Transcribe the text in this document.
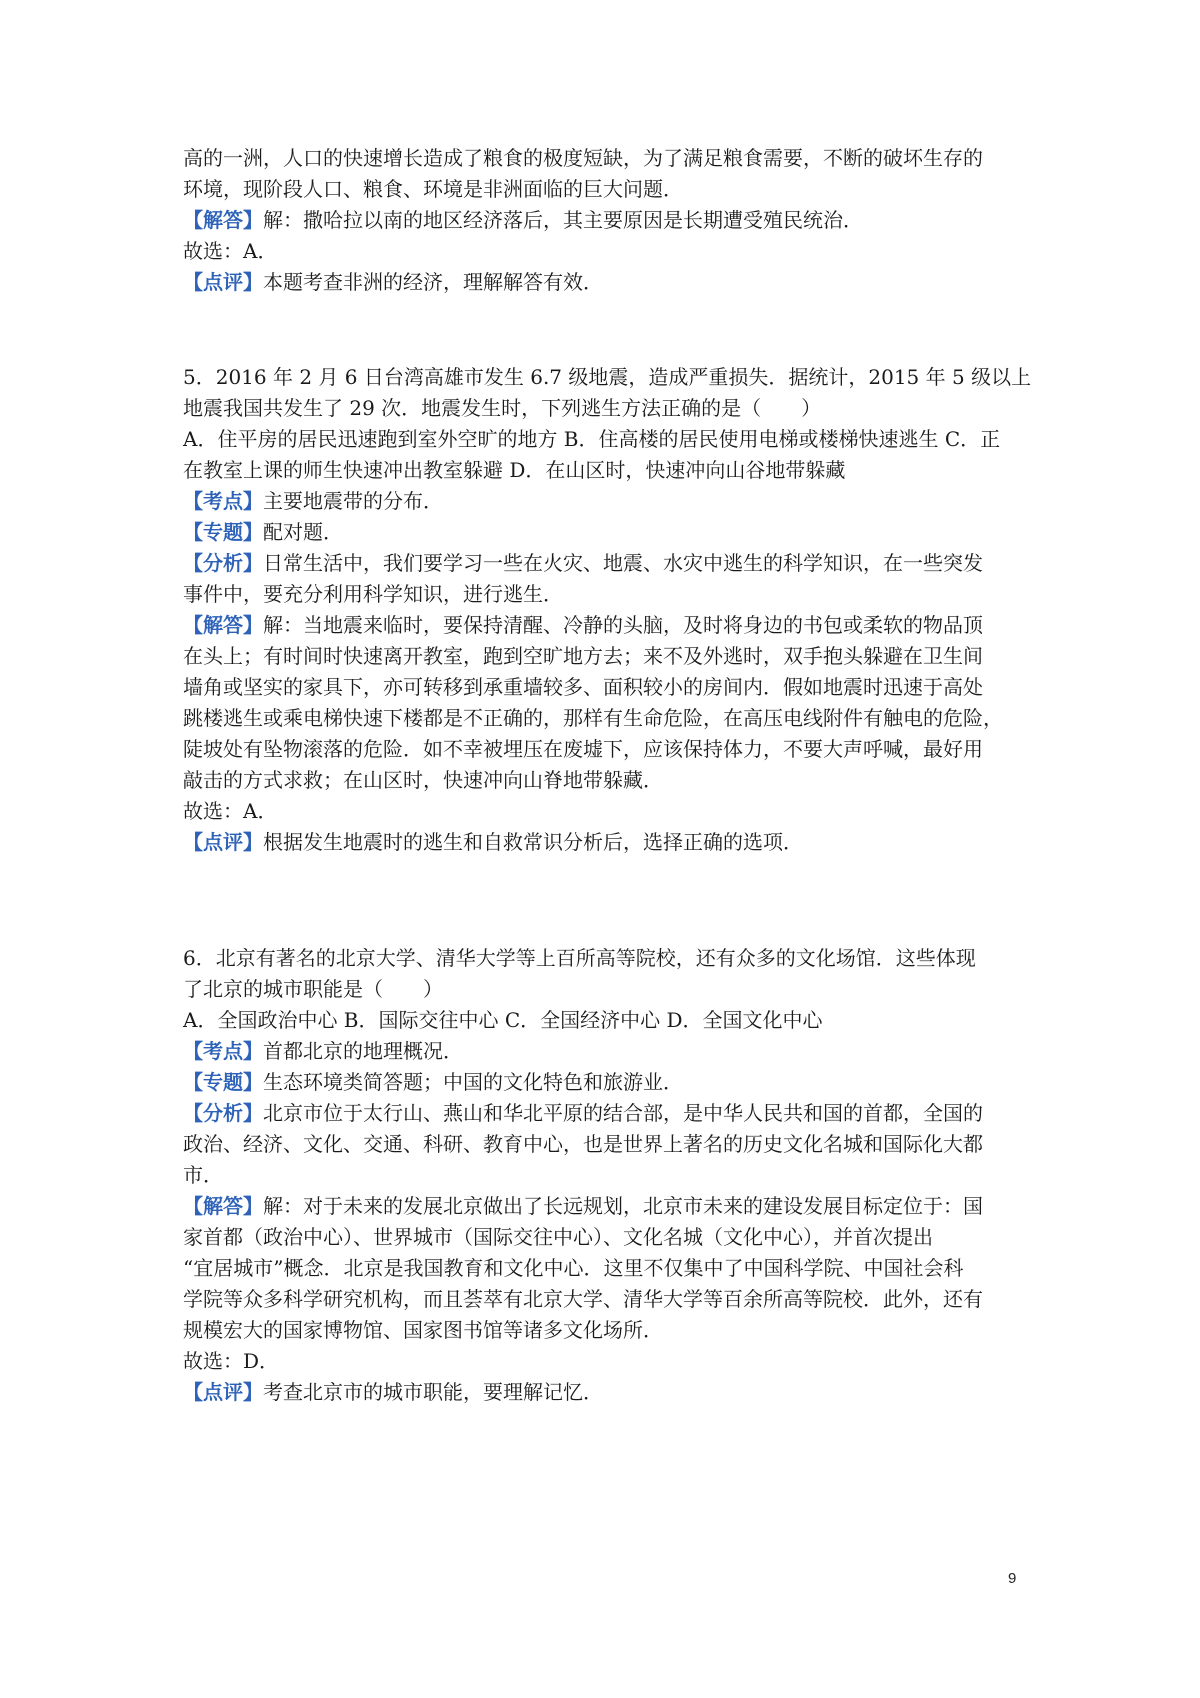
高的一洲，人口的快速增长造成了粮食的极度短缺，为了满足粮食需要，不断的破坏生存的
环境，现阶段人口、粮食、环境是非洲面临的巨大问题．
【解答】解：撒哈拉以南的地区经济落后，其主要原因是长期遭受殖民统治．
故选：A．
【点评】本题考查非洲的经济，理解解答有效．
5．2016 年 2 月 6 日台湾高雄市发生 6.7 级地震，造成严重损失．据统计，2015 年 5 级以上
地震我国共发生了 29 次．地震发生时，下列逃生方法正确的是（　　）
A．住平房的居民迅速跑到室外空旷的地方 B．住高楼的居民使用电梯或楼梯快速逃生 C．正
在教室上课的师生快速冲出教室躲避 D．在山区时，快速冲向山谷地带躲藏
【考点】主要地震带的分布．
【专题】配对题．
【分析】日常生活中，我们要学习一些在火灾、地震、水灾中逃生的科学知识，在一些突发
事件中，要充分利用科学知识，进行逃生．
【解答】解：当地震来临时，要保持清醒、冷静的头脑，及时将身边的书包或柔软的物品顶
在头上；有时间时快速离开教室，跑到空旷地方去；来不及外逃时，双手抱头躲避在卫生间
墙角或坚实的家具下，亦可转移到承重墙较多、面积较小的房间内．假如地震时迅速于高处
跳楼逃生或乘电梯快速下楼都是不正确的，那样有生命危险，在高压电线附件有触电的危险，
陡坡处有坠物滚落的危险．如不幸被埋压在废墟下，应该保持体力，不要大声呼喊，最好用
敲击的方式求救；在山区时，快速冲向山脊地带躲藏．
故选：A．
【点评】根据发生地震时的逃生和自救常识分析后，选择正确的选项．
6．北京有著名的北京大学、清华大学等上百所高等院校，还有众多的文化场馆．这些体现
了北京的城市职能是（　　）
A．全国政治中心 B．国际交往中心 C．全国经济中心 D．全国文化中心
【考点】首都北京的地理概况．
【专题】生态环境类简答题；中国的文化特色和旅游业．
【分析】北京市位于太行山、燕山和华北平原的结合部，是中华人民共和国的首都，全国的
政治、经济、文化、交通、科研、教育中心，也是世界上著名的历史文化名城和国际化大都
市．
【解答】解：对于未来的发展北京做出了长远规划，北京市未来的建设发展目标定位于：国
家首都（政治中心）、世界城市（国际交往中心）、文化名城（文化中心），并首次提出
“宜居城市”概念．北京是我国教育和文化中心．这里不仅集中了中国科学院、中国社会科
学院等众多科学研究机构，而且荟萃有北京大学、清华大学等百余所高等院校．此外，还有
规模宏大的国家博物馆、国家图书馆等诸多文化场所．
故选：D．
【点评】考查北京市的城市职能，要理解记忆．
9
